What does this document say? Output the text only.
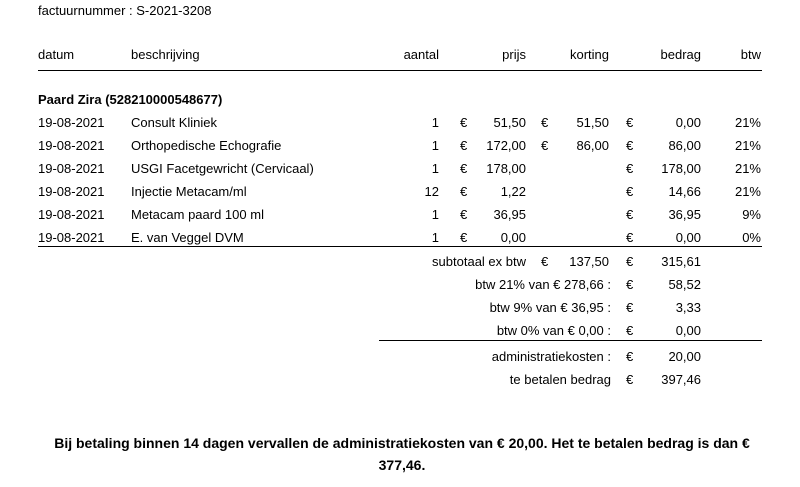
factuurnummer : S-2021-3208
datum	beschrijving	aantal	prijs	korting	bedrag	btw
Paard Zira (528210000548677)
19-08-2021 Consult Kliniek	1 €	51,50 €	51,50 €	0,00	21%
19-08-2021 Orthopedische Echografie	1 €	172,00 €	86,00 €	86,00	21%
19-08-2021 USGI Facetgewricht (Cervicaal)	1 €	178,00	€	178,00	21%
19-08-2021 Injectie Metacam/ml	12 €	1,22	€	14,66	21%
19-08-2021 Metacam paard 100 ml	1 €	36,95	€	36,95	9%
19-08-2021 E. van Veggel DVM	1 €	0,00	€	0,00	0%
subtotaal ex btw €	137,50 €	315,61
btw 21% van € 278,66 : €	58,52
btw 9% van € 36,95 : €	3,33
btw 0% van € 0,00 : €	0,00
administratiekosten : €	20,00
te betalen bedrag €	397,46
Bij betaling binnen 14 dagen vervallen de administratiekosten van € 20,00. Het te betalen bedrag is dan € 377,46.
